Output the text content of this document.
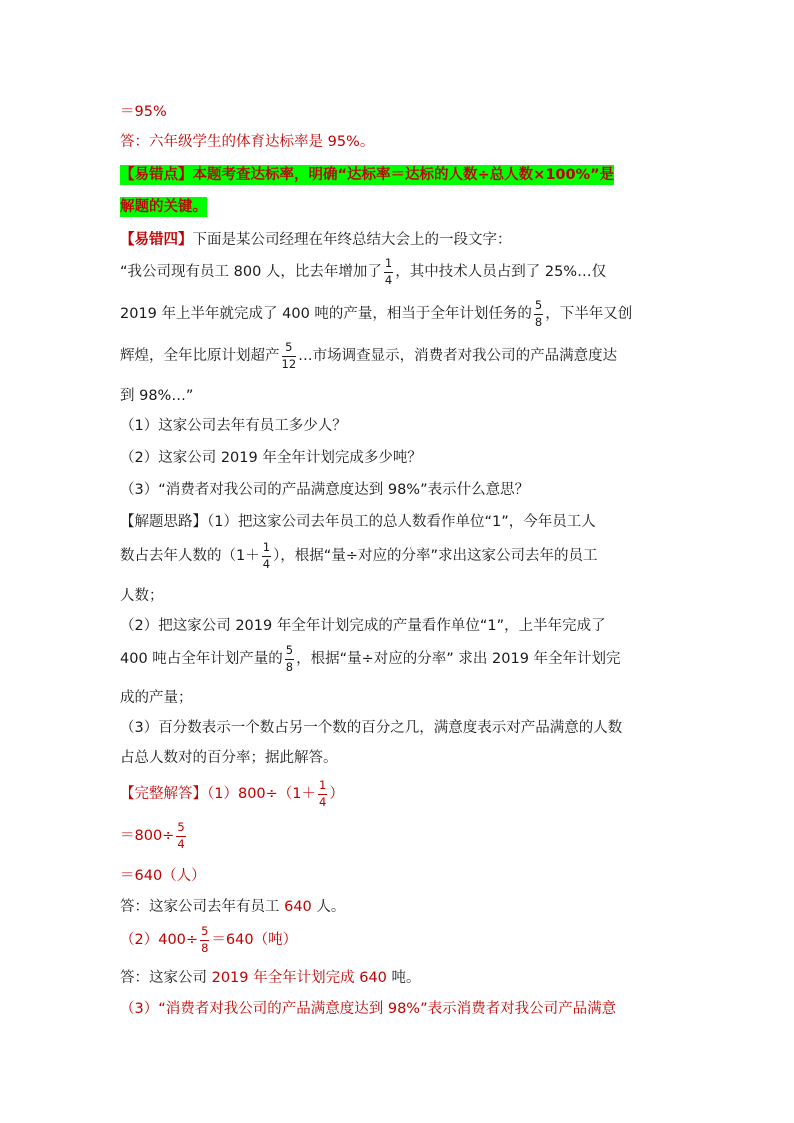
＝95%
答：六年级学生的体育达标率是 95%。
【易错点】本题考查达标率，明确“达标率＝达标的人数÷总人数×100%”是
解题的关键。
【易错四】下面是某公司经理在年终总结大会上的一段文字：
“我公司现有员工 800 人，比去年增加了 $\frac{1}{4}$ ，其中技术人员占到了 25%…仅
2019 年上半年就完成了 400 吨的产量，相当于全年计划任务的 $\frac{5}{8}$ ，下半年又创
辉煌，全年比原计划超产 $\frac{5}{12}$ …市场调查显示，消费者对我公司的产品满意度达
到 98%…”
（1）这家公司去年有员工多少人？
（2）这家公司 2019 年全年计划完成多少吨？
（3）“消费者对我公司的产品满意度达到 98%”表示什么意思？
【解题思路】（1）把这家公司去年员工的总人数看作单位“1”，今年员工人
数占去年人数的（$1+ \frac{1}{4}$ ），根据“量÷对应的分率”求出这家公司去年的员工
人数；
（2）把这家公司 2019 年全年计划完成的产量看作单位“1”，上半年完成了
400 吨占全年计划产量的 $\frac{5}{8}$ ，根据“量÷对应的分率” 求出 2019 年全年计划完
成的产量；
（3）百分数表示一个数占另一个数的百分之几，满意度表示对产品满意的人数
占总人数对的百分率；据此解答。
【完整解答】$(1)800\div(1+ \frac{1}{4}$ ）
$=800\div \frac{5}{4}$
＝640（人）
答：这家公司去年有员工 640 人。
$(2)400\div \frac{5}{8} =640$（吨）
答：这家公司 2019 年全年计划完成 640 吨。
（3）“消费者对我公司的产品满意度达到 98%”表示消费者对我公司产品满意
